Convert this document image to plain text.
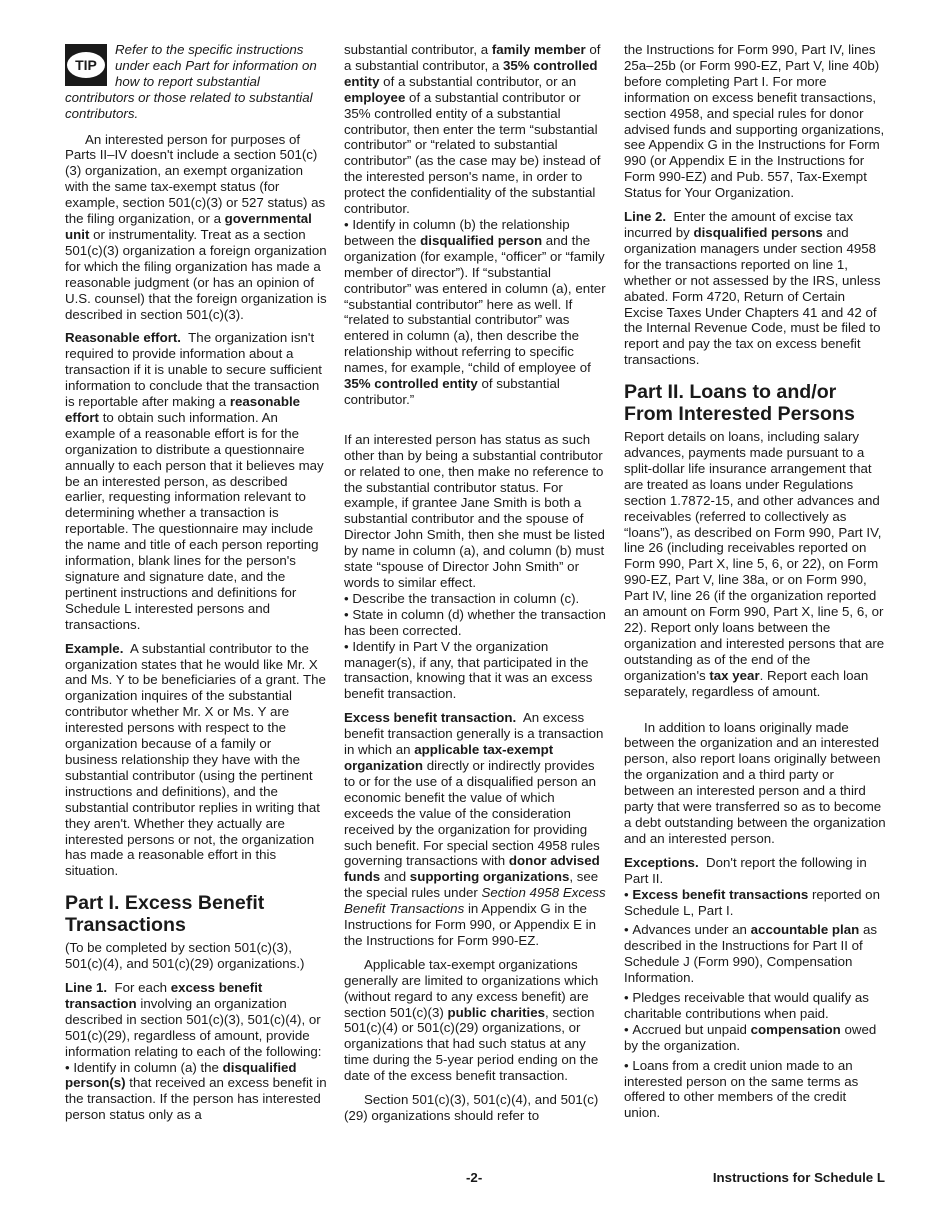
TIP
Refer to the specific instructions under each Part for information on how to report substantial contributors or those related to substantial contributors.

An interested person for purposes of Parts II–IV doesn't include a section 501(c)(3) organization, an exempt organization with the same tax-exempt status (for example, section 501(c)(3) or 527 status) as the filing organization, or a governmental unit or instrumentality. Treat as a section 501(c)(3) organization a foreign organization for which the filing organization has made a reasonable judgment (or has an opinion of U.S. counsel) that the foreign organization is described in section 501(c)(3).

Reasonable effort. The organization isn't required to provide information about a transaction if it is unable to secure sufficient information to conclude that the transaction is reportable after making a reasonable effort to obtain such information. An example of a reasonable effort is for the organization to distribute a questionnaire annually to each person that it believes may be an interested person, as described earlier, requesting information relevant to determining whether a transaction is reportable. The questionnaire may include the name and title of each person reporting information, blank lines for the person's signature and signature date, and the pertinent instructions and definitions for Schedule L interested persons and transactions.

Example. A substantial contributor to the organization states that he would like Mr. X and Ms. Y to be beneficiaries of a grant. The organization inquires of the substantial contributor whether Mr. X or Ms. Y are interested persons with respect to the organization because of a family or business relationship they have with the substantial contributor (using the pertinent instructions and definitions), and the substantial contributor replies in writing that they aren't. Whether they actually are interested persons or not, the organization has made a reasonable effort in this situation.

Part I. Excess Benefit Transactions

(To be completed by section 501(c)(3), 501(c)(4), and 501(c)(29) organizations.)

Line 1. For each excess benefit transaction involving an organization described in section 501(c)(3), 501(c)(4), or 501(c)(29), regardless of amount, provide information relating to each of the following:

• Identify in column (a) the disqualified person(s) that received an excess benefit in the transaction. If the person has interested person status only as a

substantial contributor, a family member of a substantial contributor, a 35% controlled entity of a substantial contributor, or an employee of a substantial contributor or 35% controlled entity of a substantial contributor, then enter the term “substantial contributor” or “related to substantial contributor” (as the case may be) instead of the interested person's name, in order to protect the confidentiality of the substantial contributor.

• Identify in column (b) the relationship between the disqualified person and the organization (for example, “officer” or “family member of director”). If “substantial contributor” was entered in column (a), enter “substantial contributor” here as well. If “related to substantial contributor” was entered in column (a), then describe the relationship without referring to specific names, for example, “child of employee of 35% controlled entity of substantial contributor.”

If an interested person has status as such other than by being a substantial contributor or related to one, then make no reference to the substantial contributor status. For example, if grantee Jane Smith is both a substantial contributor and the spouse of Director John Smith, then she must be listed by name in column (a), and column (b) must state “spouse of Director John Smith” or words to similar effect.

• Describe the transaction in column (c).

• State in column (d) whether the transaction has been corrected.

• Identify in Part V the organization manager(s), if any, that participated in the transaction, knowing that it was an excess benefit transaction.

Excess benefit transaction. An excess benefit transaction generally is a transaction in which an applicable tax-exempt organization directly or indirectly provides to or for the use of a disqualified person an economic benefit the value of which exceeds the value of the consideration received by the organization for providing such benefit. For special section 4958 rules governing transactions with donor advised funds and supporting organizations, see the special rules under Section 4958 Excess Benefit Transactions in Appendix G in the Instructions for Form 990, or Appendix E in the Instructions for Form 990-EZ.

Applicable tax-exempt organizations generally are limited to organizations which (without regard to any excess benefit) are section 501(c)(3) public charities, section 501(c)(4) or 501(c)(29) organizations, or organizations that had such status at any time during the 5-year period ending on the date of the excess benefit transaction.

Section 501(c)(3), 501(c)(4), and 501(c)(29) organizations should refer to

the Instructions for Form 990, Part IV, lines 25a–25b (or Form 990-EZ, Part V, line 40b) before completing Part I. For more information on excess benefit transactions, section 4958, and special rules for donor advised funds and supporting organizations, see Appendix G in the Instructions for Form 990 (or Appendix E in the Instructions for Form 990-EZ) and Pub. 557, Tax-Exempt Status for Your Organization.

Line 2. Enter the amount of excise tax incurred by disqualified persons and organization managers under section 4958 for the transactions reported on line 1, whether or not assessed by the IRS, unless abated. Form 4720, Return of Certain Excise Taxes Under Chapters 41 and 42 of the Internal Revenue Code, must be filed to report and pay the tax on excess benefit transactions.

Part II. Loans to and/or From Interested Persons

Report details on loans, including salary advances, payments made pursuant to a split-dollar life insurance arrangement that are treated as loans under Regulations section 1.7872-15, and other advances and receivables (referred to collectively as “loans”), as described on Form 990, Part IV, line 26 (including receivables reported on Form 990, Part X, line 5, 6, or 22), on Form 990-EZ, Part V, line 38a, or on Form 990, Part IV, line 26 (if the organization reported an amount on Form 990, Part X, line 5, 6, or 22). Report only loans between the organization and interested persons that are outstanding as of the end of the organization's tax year. Report each loan separately, regardless of amount.

In addition to loans originally made between the organization and an interested person, also report loans originally between the organization and a third party or between an interested person and a third party that were transferred so as to become a debt outstanding between the organization and an interested person.

Exceptions. Don't report the following in Part II.

• Excess benefit transactions reported on Schedule L, Part I.

• Advances under an accountable plan as described in the Instructions for Part II of Schedule J (Form 990), Compensation Information.

• Pledges receivable that would qualify as charitable contributions when paid.

• Accrued but unpaid compensation owed by the organization.

• Loans from a credit union made to an interested person on the same terms as offered to other members of the credit union.

-2-	Instructions for Schedule L
